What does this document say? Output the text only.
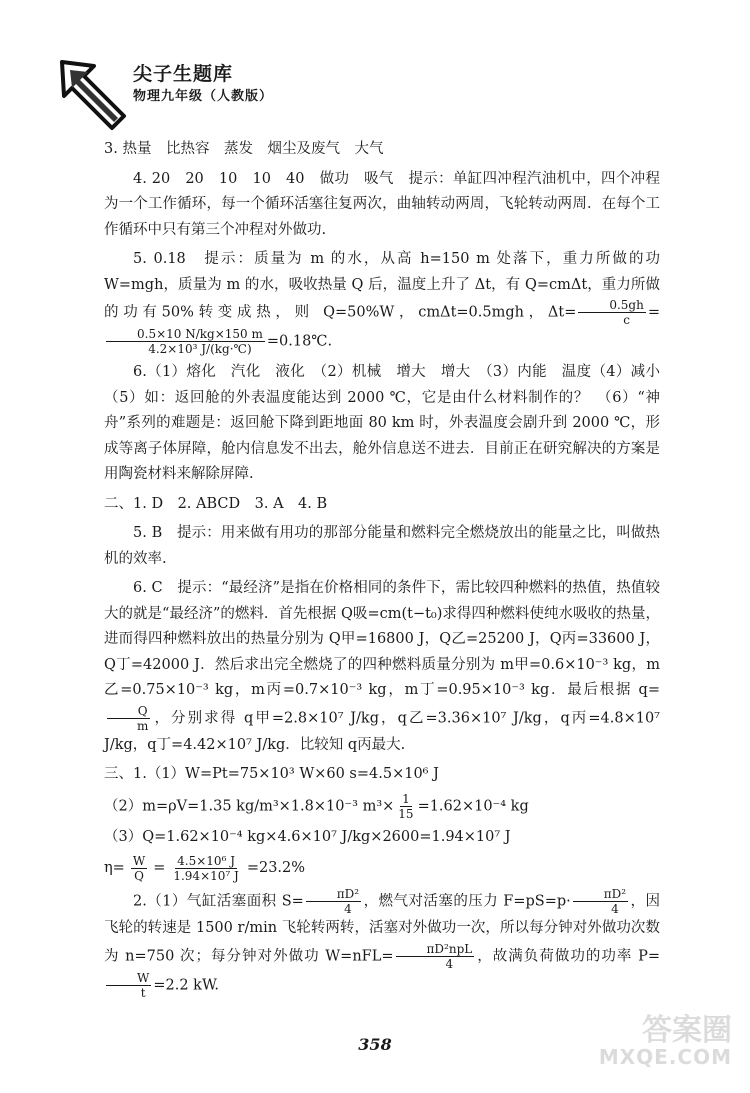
尖子生题库
物理九年级（人教版）

3. 热量　比热容　蒸发　烟尘及废气　大气

4. 20　20　10　10　40　做功　吸气　提示：单缸四冲程汽油机中，四个冲程为一个工作循环，每一个循环活塞往复两次，曲轴转动两周，飞轮转动两周．在每个工作循环中只有第三个冲程对外做功.

5. 0.18　提示：质量为 m 的水，从高 h=150 m 处落下，重力所做的功 W=mgh，质量为 m 的水，吸收热量 Q 后，温度上升了 Δt，有 Q=cmΔt，重力所做的功有50%转变成热，则 Q=50%W，cmΔt=0.5mgh，$\Delta t= \frac{0.5gh}{c}$ =
$\frac{0.5\times 10 N/kg\times 150 m}{\text{4.2×10³ J/(kg·℃)}}$ =0.18℃.

6.（1）熔化　汽化　液化　（2）机械　增大　增大　（3）内能　温度（4）减小　（5）如：返回舱的外表温度能达到 2000 ℃，它是由什么材料制作的？　（6）“神舟”系列的难题是：返回舱下降到距地面 80 km 时，外表温度会剧升到 2000 ℃，形成等离子体屏障，舱内信息发不出去，舱外信息送不进去．目前正在研究解决的方案是用陶瓷材料来解除屏障.

二、1. D　2. ABCD　3. A　4. B

5. B　提示：用来做有用功的那部分能量和燃料完全燃烧放出的能量之比，叫做热机的效率.

6. C　提示：“最经济”是指在价格相同的条件下，需比较四种燃料的热值，热值较大的就是“最经济”的燃料．首先根据 Q吸=cm(t−t₀)求得四种燃料使纯水吸收的热量，进而得四种燃料放出的热量分别为 Q甲=16800 J，Q乙=25200 J，Q丙=33600 J，Q丁=42000 J．然后求出完全燃烧了的四种燃料质量分别为 m甲=0.6×10⁻³ kg，m乙=0.75×10⁻³ kg，m丙=0.7×10⁻³ kg，m丁=0.95×10⁻³ kg．最后根据 q=
$\frac{Q}{m}$ ，分别求得 q甲=2.8×10⁷ J/kg，q乙=3.36×10⁷ J/kg，q丙=4.8×10⁷ J/kg，q丁=4.42×10⁷ J/kg．比较知 q丙最大.

三、1.（1）W=Pt=75×10³ W×60 s=4.5×10⁶ J

（2）m=ρV=1.35 kg/m³×1.8×10⁻³ $m^3\times \frac{1}{15} =1.62\times 10^{-4}$ kg

（3）Q=1.62×10⁻⁴ kg×4.6×10⁷ J/kg×2600=1.94×10⁷ J

$\eta= \frac{W}{Q} = \frac{\text{4.5×10⁶ J}}{\text{1.94×10⁷ J}} =23.2\%$

2.（1）气缸活塞面积 $S= \frac{\text{πD²}}{4}$ ，燃气对活塞的压力 $F=pS=p\cdot \frac{\text{πD²}}{4}$ ，因飞轮的转速是 1500 r/min 飞轮转两转，活塞对外做功一次，所以每分钟对外做功次数为 n=750 次；每分钟对外做功 $W=nFL= \frac{\text{πD²npL}}{4}$ ，故满负荷做功的功率 P=
$\frac{W}{t} =2.2$ kW.

358	答案圈
MXQE.COM
